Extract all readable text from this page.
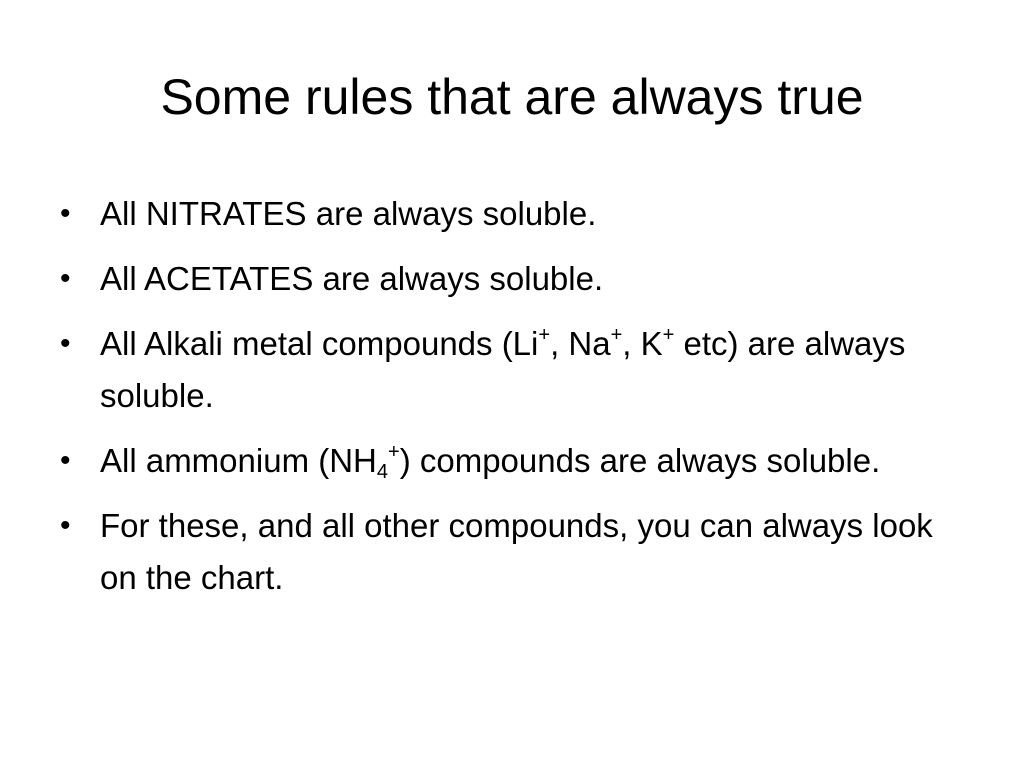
Some rules that are always true
• All NITRATES are always soluble.
• All ACETATES are always soluble.
• All Alkali metal compounds (Li+, Na+, K+ etc) are always soluble.
• All ammonium $(NH_4^+)$ compounds are always soluble.
• For these, and all other compounds, you can always look on the chart.
